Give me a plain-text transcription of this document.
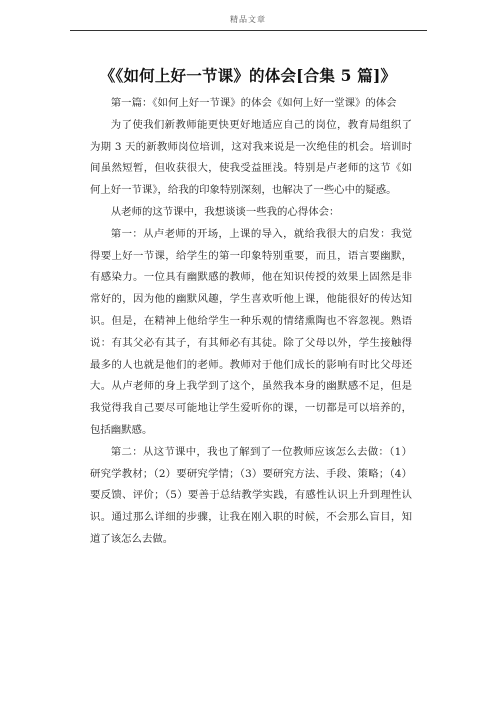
精品文章
《《如何上好一节课》的体会[合集 5 篇]》

第一篇：《如何上好一节课》的体会《如何上好一堂课》的体会

为了使我们新教师能更快更好地适应自己的岗位，教育局组织了为期 3 天的新教师岗位培训，这对我来说是一次绝佳的机会。培训时间虽然短暂，但收获很大，使我受益匪浅。特别是卢老师的这节《如何上好一节课》，给我的印象特别深刻，也解决了一些心中的疑惑。

从老师的这节课中，我想谈谈一些我的心得体会：

第一：从卢老师的开场，上课的导入，就给我很大的启发：我觉得要上好一节课，给学生的第一印象特别重要，而且，语言要幽默，有感染力。一位具有幽默感的教师，他在知识传授的效果上固然是非常好的，因为他的幽默风趣，学生喜欢听他上课，他能很好的传达知识。但是，在精神上他给学生一种乐观的情绪熏陶也不容忽视。熟语说：有其父必有其子，有其师必有其徒。除了父母以外，学生接触得最多的人也就是他们的老师。教师对于他们成长的影响有时比父母还大。从卢老师的身上我学到了这个，虽然我本身的幽默感不足，但是我觉得我自己要尽可能地让学生爱听你的课，一切都是可以培养的，包括幽默感。

第二：从这节课中，我也了解到了一位教师应该怎么去做：（1）研究学教材；（2）要研究学情；（3）要研究方法、手段、策略；（4）要反馈、评价；（5）要善于总结教学实践，有感性认识上升到理性认识。通过那么详细的步骤，让我在刚入职的时候，不会那么盲目，知道了该怎么去做。
